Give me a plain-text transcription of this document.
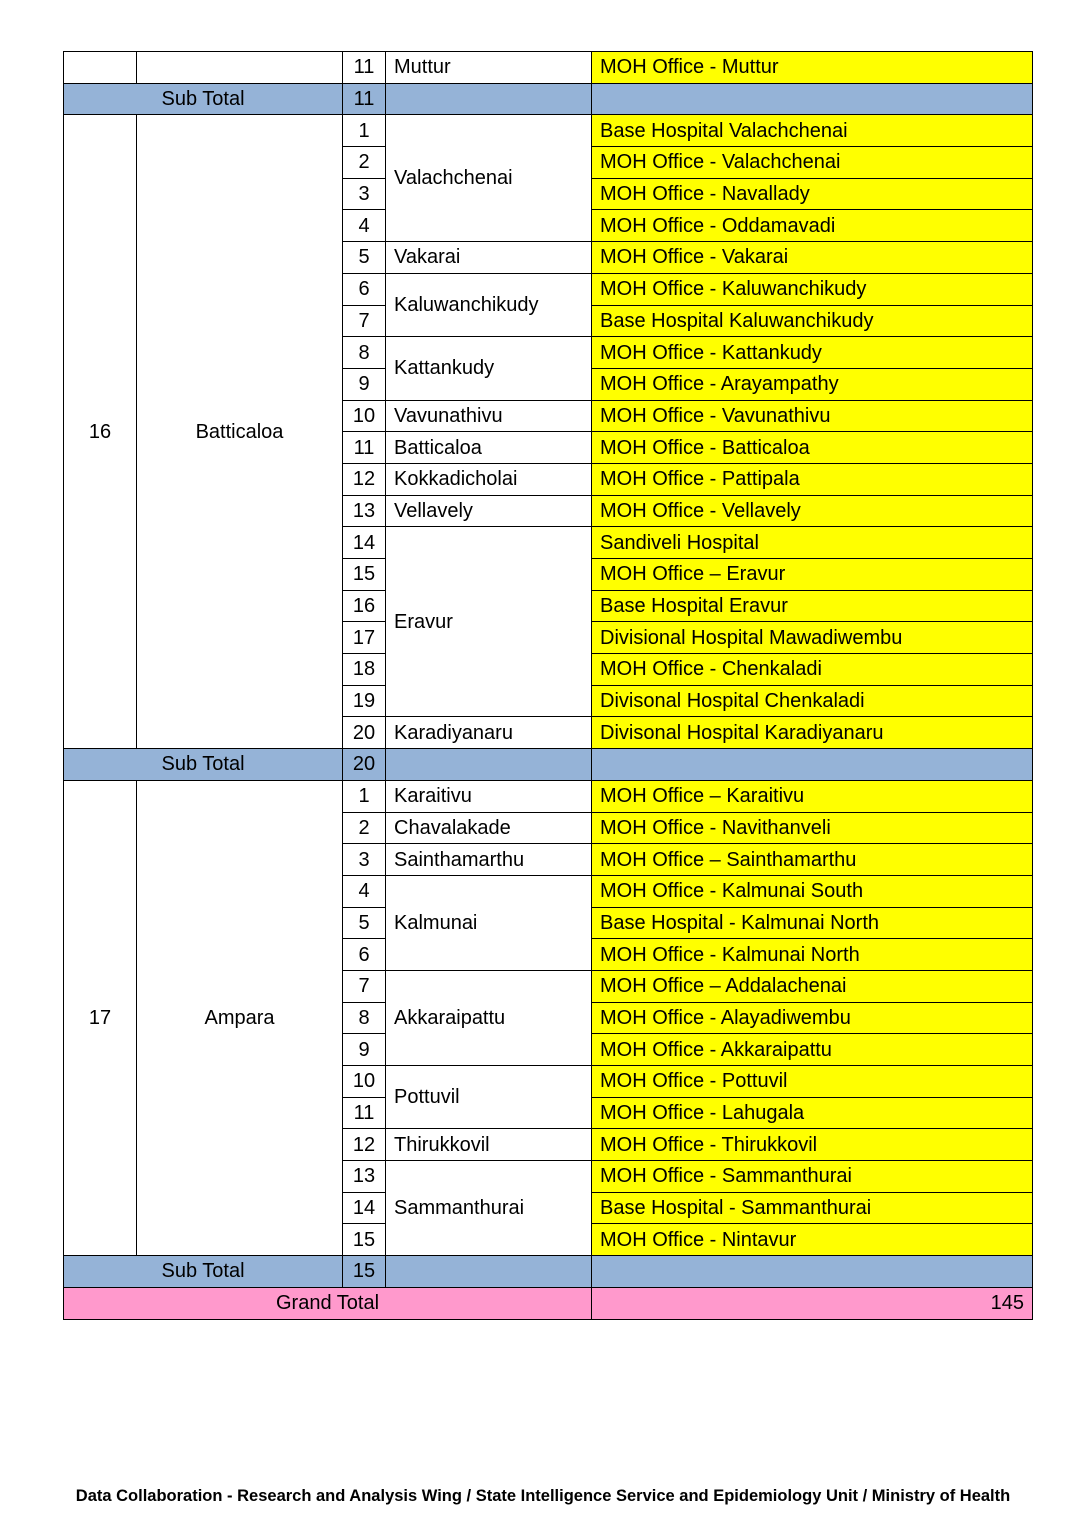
		11	Muttur	MOH Office - Muttur
Sub Total		11		
16	Batticaloa	1	Valachchenai	Base Hospital Valachchenai
		2		MOH Office - Valachchenai
		3		MOH Office - Navallady
		4		MOH Office - Oddamavadi
		5	Vakarai	MOH Office - Vakarai
		6	Kaluwanchikudy	MOH Office - Kaluwanchikudy
		7		Base Hospital Kaluwanchikudy
		8	Kattankudy	MOH Office - Kattankudy
		9		MOH Office - Arayampathy
		10	Vavunathivu	MOH Office - Vavunathivu
		11	Batticaloa	MOH Office - Batticaloa
		12	Kokkadicholai	MOH Office - Pattipala
		13	Vellavely	MOH Office - Vellavely
		14	Eravur	Sandiveli Hospital
		15		MOH Office – Eravur
		16		Base Hospital Eravur
		17		Divisional Hospital Mawadiwembu
		18		MOH Office - Chenkaladi
		19		Divisonal Hospital Chenkaladi
		20	Karadiyanaru	Divisonal Hospital Karadiyanaru
Sub Total		20		
17	Ampara	1	Karaitivu	MOH Office – Karaitivu
		2	Chavalakade	MOH Office - Navithanveli
		3	Sainthamarthu	MOH Office – Sainthamarthu
		4	Kalmunai	MOH Office - Kalmunai South
		5		Base Hospital - Kalmunai North
		6		MOH Office - Kalmunai North
		7	Akkaraipattu	MOH Office – Addalachenai
		8		MOH Office - Alayadiwembu
		9		MOH Office - Akkaraipattu
		10	Pottuvil	MOH Office - Pottuvil
		11		MOH Office - Lahugala
		12	Thirukkovil	MOH Office - Thirukkovil
		13	Sammanthurai	MOH Office - Sammanthurai
		14		Base Hospital - Sammanthurai
		15		MOH Office - Nintavur
Sub Total		15		
Grand Total				145
Data Collaboration - Research and Analysis Wing / State Intelligence Service and Epidemiology Unit / Ministry of Health
